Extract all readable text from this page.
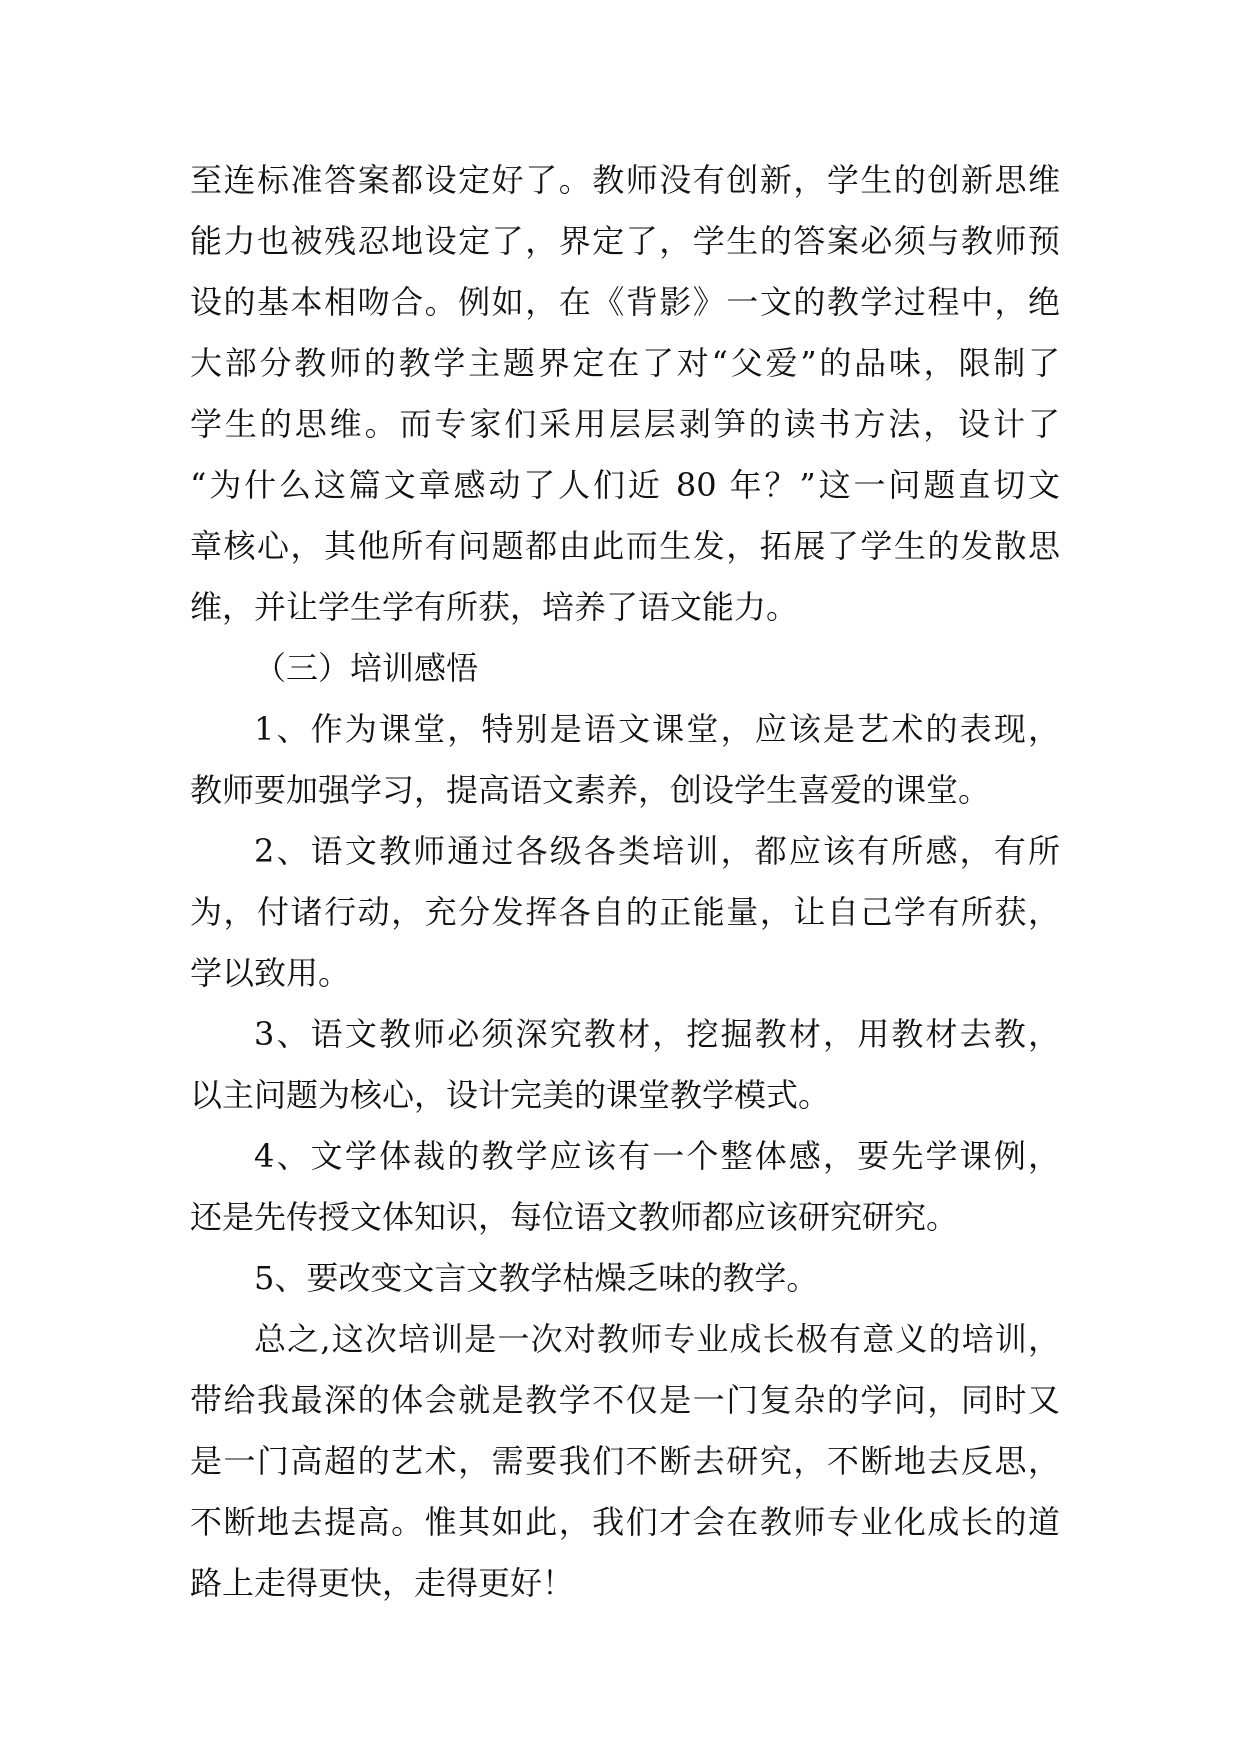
至连标准答案都设定好了。教师没有创新，学生的创新思维
能力也被残忍地设定了，界定了，学生的答案必须与教师预
设的基本相吻合。例如，在《背影》一文的教学过程中，绝
大部分教师的教学主题界定在了对“父爱”的品味，限制了
学生的思维。而专家们采用层层剥笋的读书方法，设计了
“为什么这篇文章感动了人们近 80 年？”这一问题直切文
章核心，其他所有问题都由此而生发，拓展了学生的发散思
维，并让学生学有所获，培养了语文能力。
（三）培训感悟
1、作为课堂，特别是语文课堂，应该是艺术的表现，
教师要加强学习，提高语文素养，创设学生喜爱的课堂。
2、语文教师通过各级各类培训，都应该有所感，有所
为，付诸行动，充分发挥各自的正能量，让自己学有所获，
学以致用。
3、语文教师必须深究教材，挖掘教材，用教材去教，
以主问题为核心，设计完美的课堂教学模式。
4、文学体裁的教学应该有一个整体感，要先学课例，
还是先传授文体知识，每位语文教师都应该研究研究。
5、要改变文言文教学枯燥乏味的教学。
总之,这次培训是一次对教师专业成长极有意义的培训，
带给我最深的体会就是教学不仅是一门复杂的学问，同时又
是一门高超的艺术，需要我们不断去研究，不断地去反思，
不断地去提高。惟其如此，我们才会在教师专业化成长的道
路上走得更快，走得更好！
